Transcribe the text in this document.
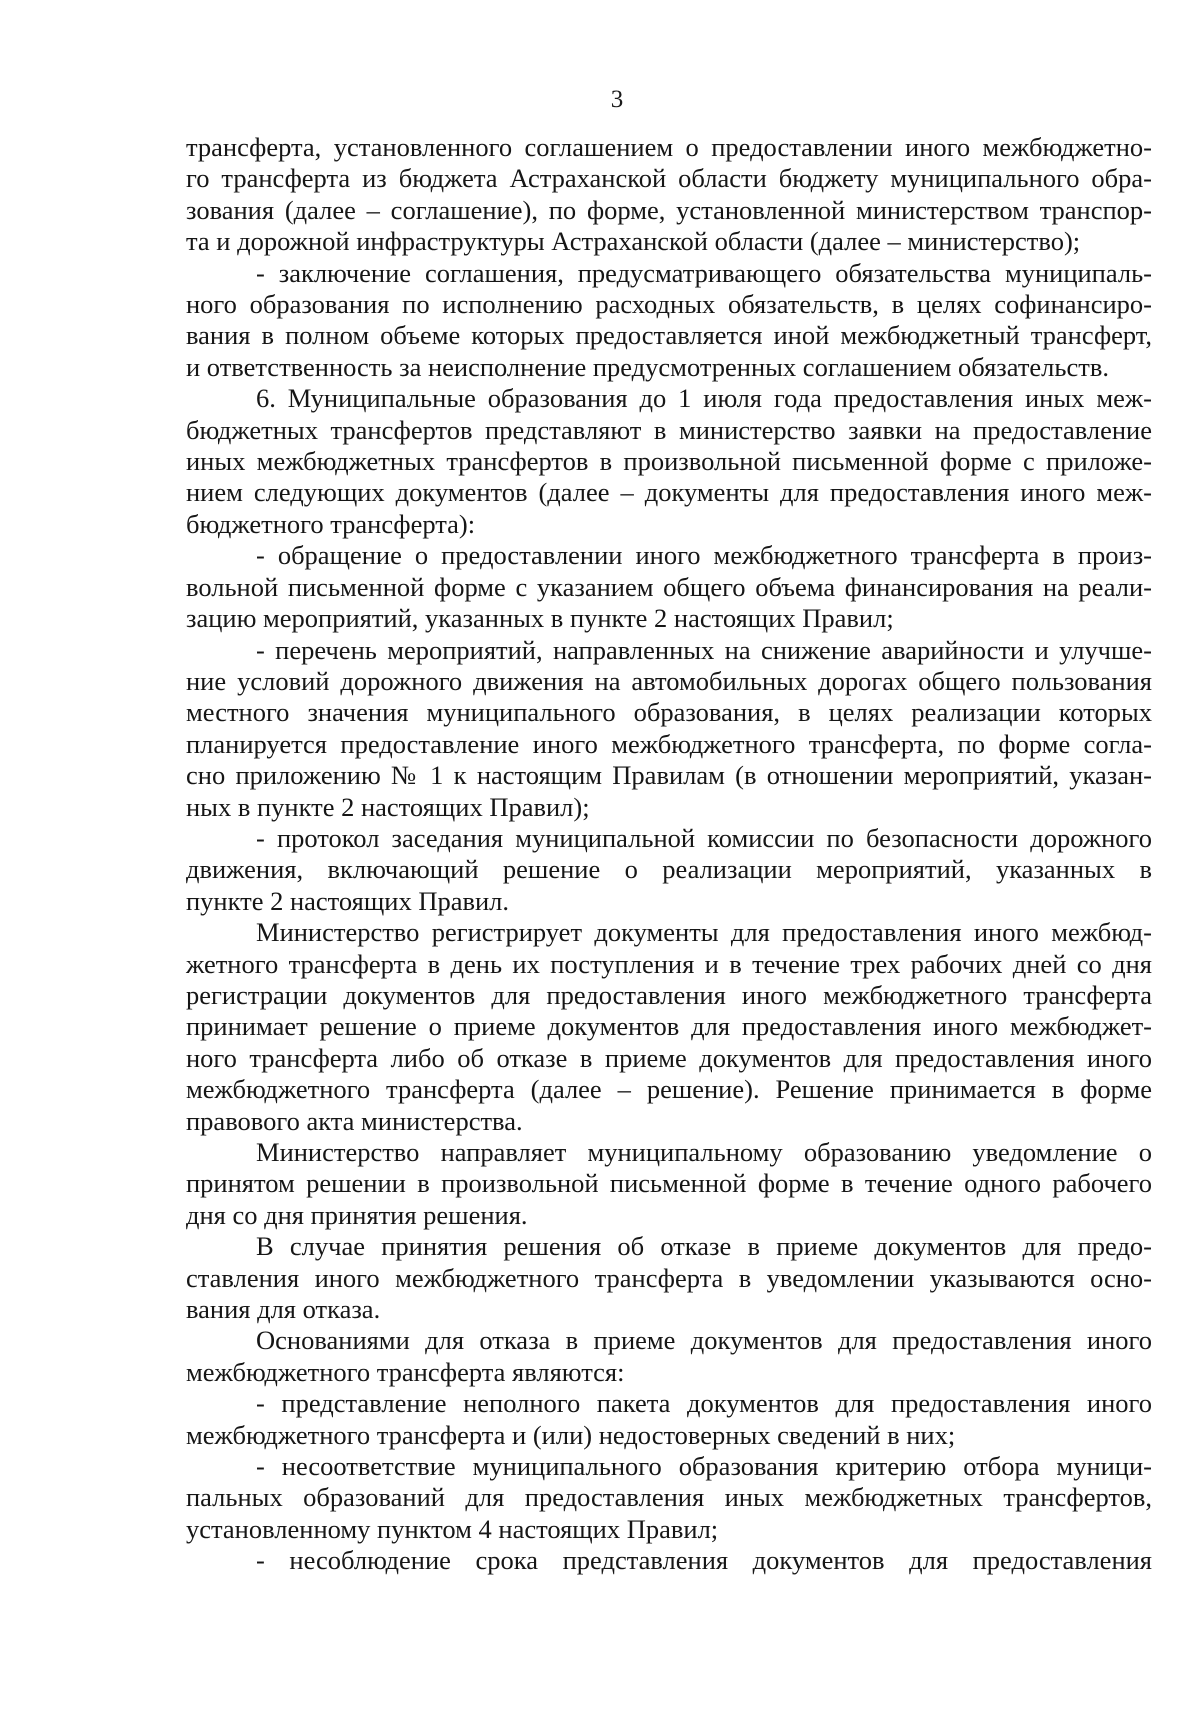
3
трансферта, установленного соглашением о предоставлении иного межбюджетно-
го трансферта из бюджета Астраханской области бюджету муниципального обра-
зования (далее – соглашение), по форме, установленной министерством транспор-
та и дорожной инфраструктуры Астраханской области (далее – министерство);
- заключение соглашения, предусматривающего обязательства муниципаль-
ного образования по исполнению расходных обязательств, в целях софинансиро-
вания в полном объеме которых предоставляется иной межбюджетный трансферт,
и ответственность за неисполнение предусмотренных соглашением обязательств.
6. Муниципальные образования до 1 июля года предоставления иных меж-
бюджетных трансфертов представляют в министерство заявки на предоставление
иных межбюджетных трансфертов в произвольной письменной форме с приложе-
нием следующих документов (далее – документы для предоставления иного меж-
бюджетного трансферта):
- обращение о предоставлении иного межбюджетного трансферта в произ-
вольной письменной форме с указанием общего объема финансирования на реали-
зацию мероприятий, указанных в пункте 2 настоящих Правил;
- перечень мероприятий, направленных на снижение аварийности и улучше-
ние условий дорожного движения на автомобильных дорогах общего пользования
местного значения муниципального образования, в целях реализации которых
планируется предоставление иного межбюджетного трансферта, по форме согла-
сно приложению № 1 к настоящим Правилам (в отношении мероприятий, указан-
ных в пункте 2 настоящих Правил);
- протокол заседания муниципальной комиссии по безопасности дорожного
движения, включающий решение о реализации мероприятий, указанных в
пункте 2 настоящих Правил.
Министерство регистрирует документы для предоставления иного межбюд-
жетного трансферта в день их поступления и в течение трех рабочих дней со дня
регистрации документов для предоставления иного межбюджетного трансферта
принимает решение о приеме документов для предоставления иного межбюджет-
ного трансферта либо об отказе в приеме документов для предоставления иного
межбюджетного трансферта (далее – решение). Решение принимается в форме
правового акта министерства.
Министерство направляет муниципальному образованию уведомление о
принятом решении в произвольной письменной форме в течение одного рабочего
дня со дня принятия решения.
В случае принятия решения об отказе в приеме документов для предо-
ставления иного межбюджетного трансферта в уведомлении указываются осно-
вания для отказа.
Основаниями для отказа в приеме документов для предоставления иного
межбюджетного трансферта являются:
- представление неполного пакета документов для предоставления иного
межбюджетного трансферта и (или) недостоверных сведений в них;
- несоответствие муниципального образования критерию отбора муници-
пальных образований для предоставления иных межбюджетных трансфертов,
установленному пунктом 4 настоящих Правил;
- несоблюдение срока представления документов для предоставления
